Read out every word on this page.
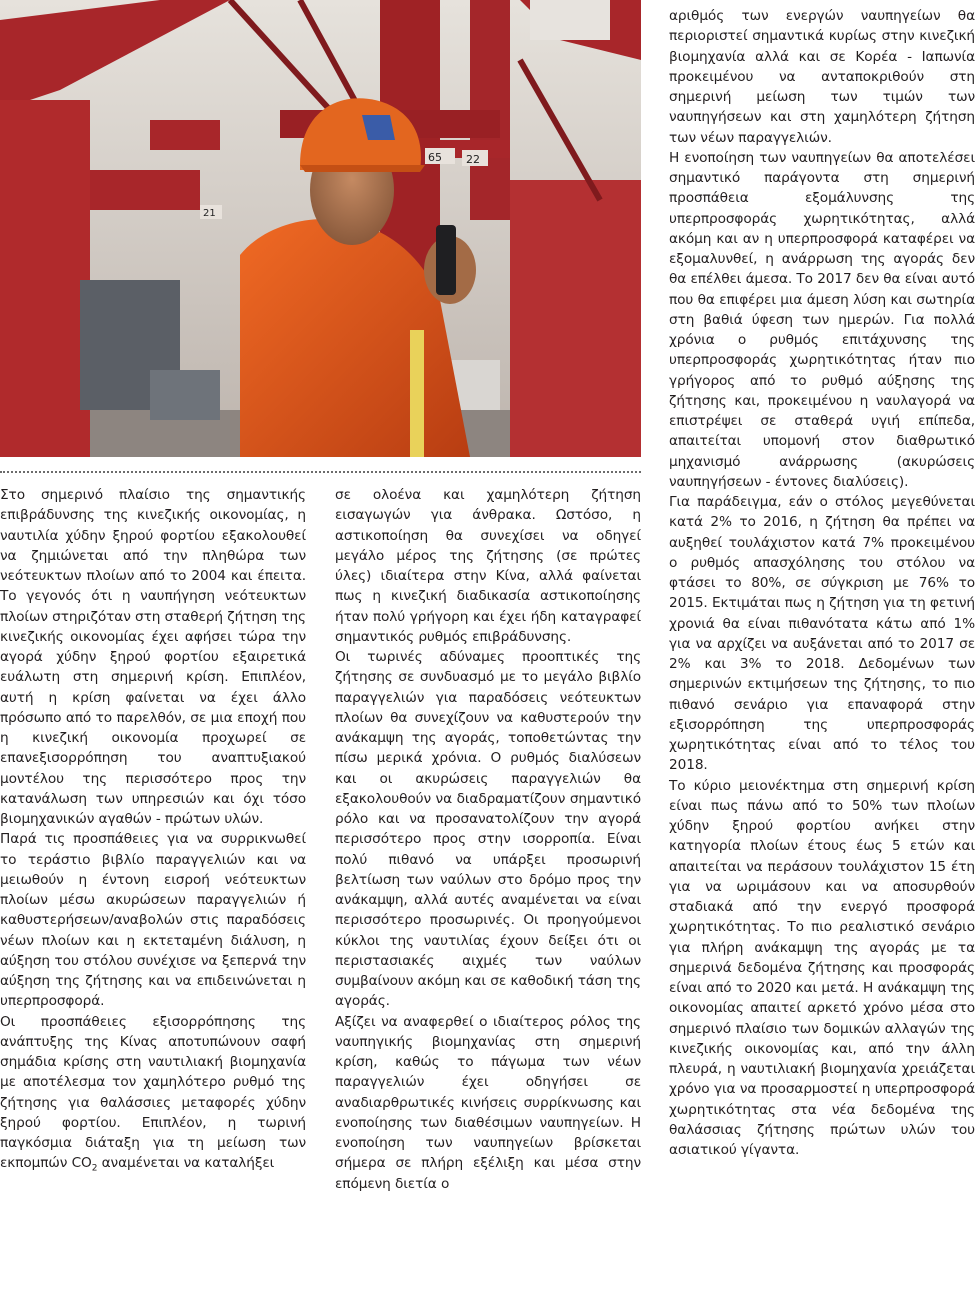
65 22
21

Στο σημερινό πλαίσιο της σημαντικής επιβράδυνσης της κινεζικής οικονομίας, η ναυτιλία χύδην ξηρού φορτίου εξακολουθεί να ζημιώνεται από την πληθώρα των νεότευκτων πλοίων από το 2004 και έπειτα. Το γεγονός ότι η ναυπήγηση νεότευκτων πλοίων στηριζόταν στη σταθερή ζήτηση της κινεζικής οικονομίας έχει αφήσει τώρα την αγορά χύδην ξηρού φορτίου εξαιρετικά ευάλωτη στη σημερινή κρίση. Επιπλέον, αυτή η κρίση φαίνεται να έχει άλλο πρόσωπο από το παρελθόν, σε μια εποχή που η κινεζική οικονομία προχωρεί σε επανεξισορρόπηση του αναπτυξιακού μοντέλου της περισσότερο προς την κατανάλωση των υπηρεσιών και όχι τόσο βιομηχανικών αγαθών - πρώτων υλών.

Παρά τις προσπάθειες για να συρρικνωθεί το τεράστιο βιβλίο παραγγελιών και να μειωθούν η έντονη εισροή νεότευκτων πλοίων μέσω ακυρώσεων παραγγελιών ή καθυστερήσεων/αναβολών στις παραδόσεις νέων πλοίων και η εκτεταμένη διάλυση, η αύξηση του στόλου συνέχισε να ξεπερνά την αύξηση της ζήτησης και να επιδεινώνεται η υπερπροσφορά.

Οι προσπάθειες εξισορρόπησης της ανάπτυξης της Κίνας αποτυπώνουν σαφή σημάδια κρίσης στη ναυτιλιακή βιομηχανία με αποτέλεσμα τον χαμηλότερο ρυθμό της ζήτησης για θαλάσσιες μεταφορές χύδην ξηρού φορτίου. Επιπλέον, η τωρινή παγκόσμια διάταξη για τη μείωση των εκπομπών $CO_2$ αναμένεται να καταλήξει

σε ολοένα και χαμηλότερη ζήτηση εισαγωγών για άνθρακα. Ωστόσο, η αστικοποίηση θα συνεχίσει να οδηγεί μεγάλο μέρος της ζήτησης (σε πρώτες ύλες) ιδιαίτερα στην Κίνα, αλλά φαίνεται πως η κινεζική διαδικασία αστικοποίησης ήταν πολύ γρήγορη και έχει ήδη καταγραφεί σημαντικός ρυθμός επιβράδυνσης.

Οι τωρινές αδύναμες προοπτικές της ζήτησης σε συνδυασμό με το μεγάλο βιβλίο παραγγελιών για παραδόσεις νεότευκτων πλοίων θα συνεχίζουν να καθυστερούν την ανάκαμψη της αγοράς, τοποθετώντας την πίσω μερικά χρόνια. Ο ρυθμός διαλύσεων και οι ακυρώσεις παραγγελιών θα εξακολουθούν να διαδραματίζουν σημαντικό ρόλο και να προσανατολίζουν την αγορά περισσότερο προς στην ισορροπία. Είναι πολύ πιθανό να υπάρξει προσωρινή βελτίωση των ναύλων στο δρόμο προς την ανάκαμψη, αλλά αυτές αναμένεται να είναι περισσότερο προσωρινές. Οι προηγούμενοι κύκλοι της ναυτιλίας έχουν δείξει ότι οι περιστασιακές αιχμές των ναύλων συμβαίνουν ακόμη και σε καθοδική τάση της αγοράς.

Αξίζει να αναφερθεί ο ιδιαίτερος ρόλος της ναυπηγικής βιομηχανίας στη σημερινή κρίση, καθώς το πάγωμα των νέων παραγγελιών έχει οδηγήσει σε αναδιαρθρωτικές κινήσεις συρρίκνωσης και ενοποίησης των διαθέσιμων ναυπηγείων. Η ενοποίηση των ναυπηγείων βρίσκεται σήμερα σε πλήρη εξέλιξη και μέσα στην επόμενη διετία ο

αριθμός των ενεργών ναυπηγείων θα περιοριστεί σημαντικά κυρίως στην κινεζική βιομηχανία αλλά και σε Κορέα - Ιαπωνία προκειμένου να ανταποκριθούν στη σημερινή μείωση των τιμών των ναυπηγήσεων και στη χαμηλότερη ζήτηση των νέων παραγγελιών.

Η ενοποίηση των ναυπηγείων θα αποτελέσει σημαντικό παράγοντα στη σημερινή προσπάθεια εξομάλυνσης της υπερπροσφοράς χωρητικότητας, αλλά ακόμη και αν η υπερπροσφορά καταφέρει να εξομαλυνθεί, η ανάρρωση της αγοράς δεν θα επέλθει άμεσα. Το 2017 δεν θα είναι αυτό που θα επιφέρει μια άμεση λύση και σωτηρία στη βαθιά ύφεση των ημερών. Για πολλά χρόνια ο ρυθμός επιτάχυνσης της υπερπροσφοράς χωρητικότητας ήταν πιο γρήγορος από το ρυθμό αύξησης της ζήτησης και, προκειμένου η ναυλαγορά να επιστρέψει σε σταθερά υγιή επίπεδα, απαιτείται υπομονή στον διαθρωτικό μηχανισμό ανάρρωσης (ακυρώσεις ναυπηγήσεων - έντονες διαλύσεις).

Για παράδειγμα, εάν ο στόλος μεγεθύνεται κατά 2% το 2016, η ζήτηση θα πρέπει να αυξηθεί τουλάχιστον κατά 7% προκειμένου ο ρυθμός απασχόλησης του στόλου να φτάσει το 80%, σε σύγκριση με 76% το 2015. Εκτιμάται πως η ζήτηση για τη φετινή χρονιά θα είναι πιθανότατα κάτω από 1% για να αρχίζει να αυξάνεται από το 2017 σε 2% και 3% το 2018. Δεδομένων των σημερινών εκτιμήσεων της ζήτησης, το πιο πιθανό σενάριο για επαναφορά στην εξισορρόπηση της υπερπροσφοράς χωρητικότητας είναι από το τέλος του 2018.

Το κύριο μειονέκτημα στη σημερινή κρίση είναι πως πάνω από το 50% των πλοίων χύδην ξηρού φορτίου ανήκει στην κατηγορία πλοίων έτους έως 5 ετών και απαιτείται να περάσουν τουλάχιστον 15 έτη για να ωριμάσουν και να αποσυρθούν σταδιακά από την ενεργό προσφορά χωρητικότητας. Το πιο ρεαλιστικό σενάριο για πλήρη ανάκαμψη της αγοράς με τα σημερινά δεδομένα ζήτησης και προσφοράς είναι από το 2020 και μετά. Η ανάκαμψη της οικονομίας απαιτεί αρκετό χρόνο μέσα στο σημερινό πλαίσιο των δομικών αλλαγών της κινεζικής οικονομίας και, από την άλλη πλευρά, η ναυτιλιακή βιομηχανία χρειάζεται χρόνο για να προσαρμοστεί η υπερπροσφορά χωρητικότητας στα νέα δεδομένα της θαλάσσιας ζήτησης πρώτων υλών του ασιατικού γίγαντα.
